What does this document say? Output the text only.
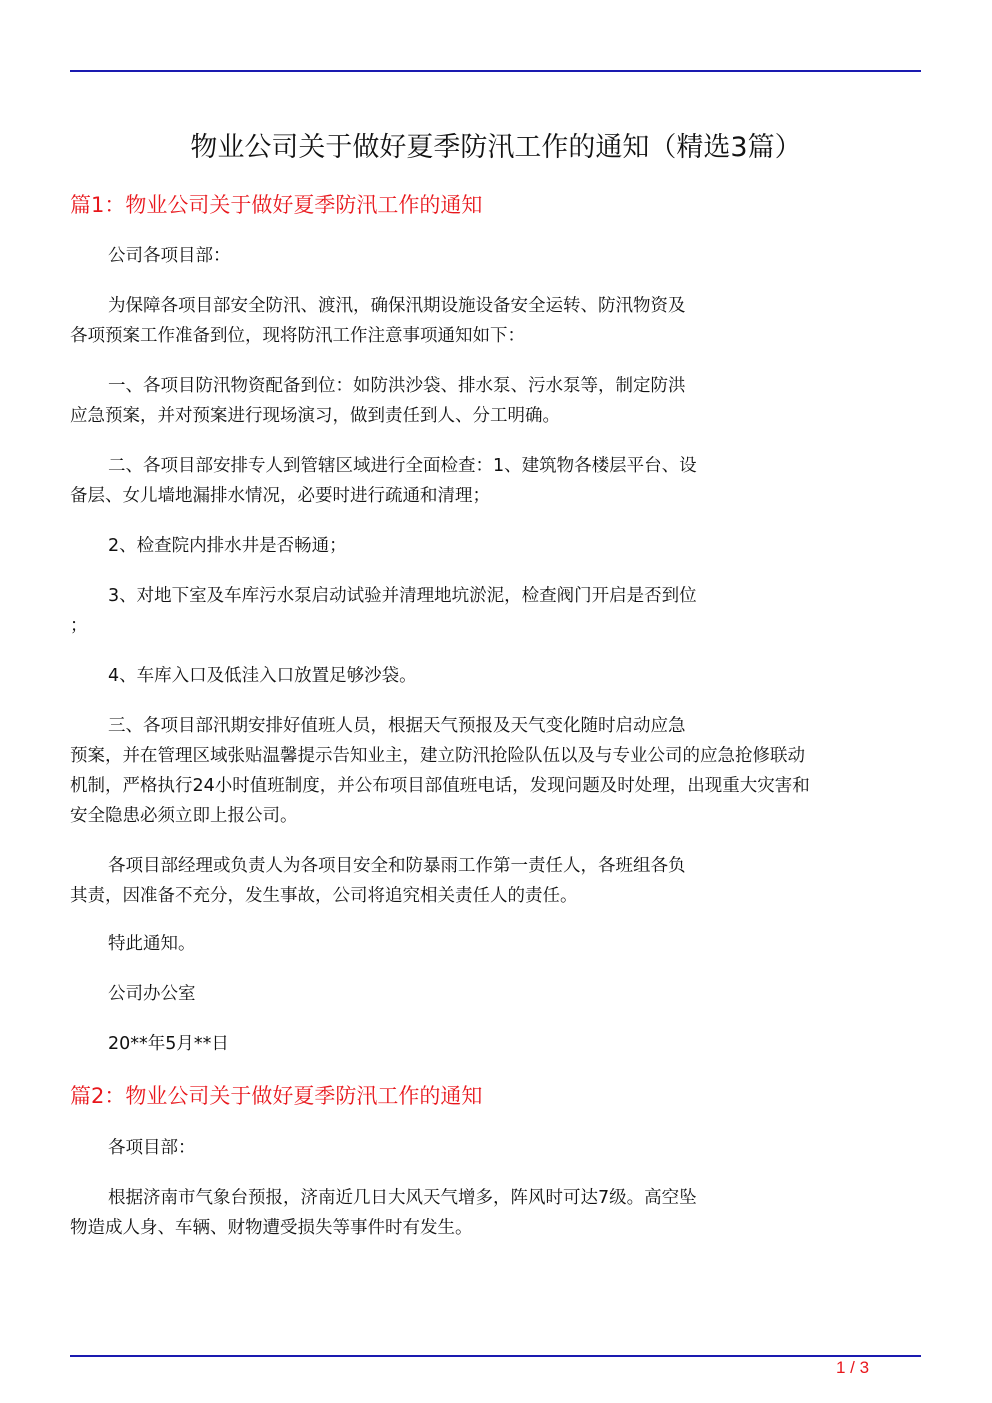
物业公司关于做好夏季防汛工作的通知（精选3篇）
篇1：物业公司关于做好夏季防汛工作的通知
公司各项目部：
为保障各项目部安全防汛、渡汛，确保汛期设施设备安全运转、防汛物资及
各项预案工作准备到位，现将防汛工作注意事项通知如下：
一、各项目防汛物资配备到位：如防洪沙袋、排水泵、污水泵等，制定防洪
应急预案，并对预案进行现场演习，做到责任到人、分工明确。
二、各项目部安排专人到管辖区域进行全面检查：1、建筑物各楼层平台、设
备层、女儿墙地漏排水情况，必要时进行疏通和清理；
2、检查院内排水井是否畅通；
3、对地下室及车库污水泵启动试验并清理地坑淤泥，检查阀门开启是否到位
；
4、车库入口及低洼入口放置足够沙袋。
三、各项目部汛期安排好值班人员，根据天气预报及天气变化随时启动应急
预案，并在管理区域张贴温馨提示告知业主，建立防汛抢险队伍以及与专业公司的应急抢修联动
机制，严格执行24小时值班制度，并公布项目部值班电话，发现问题及时处理，出现重大灾害和
安全隐患必须立即上报公司。
各项目部经理或负责人为各项目安全和防暴雨工作第一责任人，各班组各负
其责，因准备不充分，发生事故，公司将追究相关责任人的责任。
特此通知。
公司办公室
20**年5月**日
篇2：物业公司关于做好夏季防汛工作的通知
各项目部：
根据济南市气象台预报，济南近几日大风天气增多，阵风时可达7级。高空坠
物造成人身、车辆、财物遭受损失等事件时有发生。
1 / 3
